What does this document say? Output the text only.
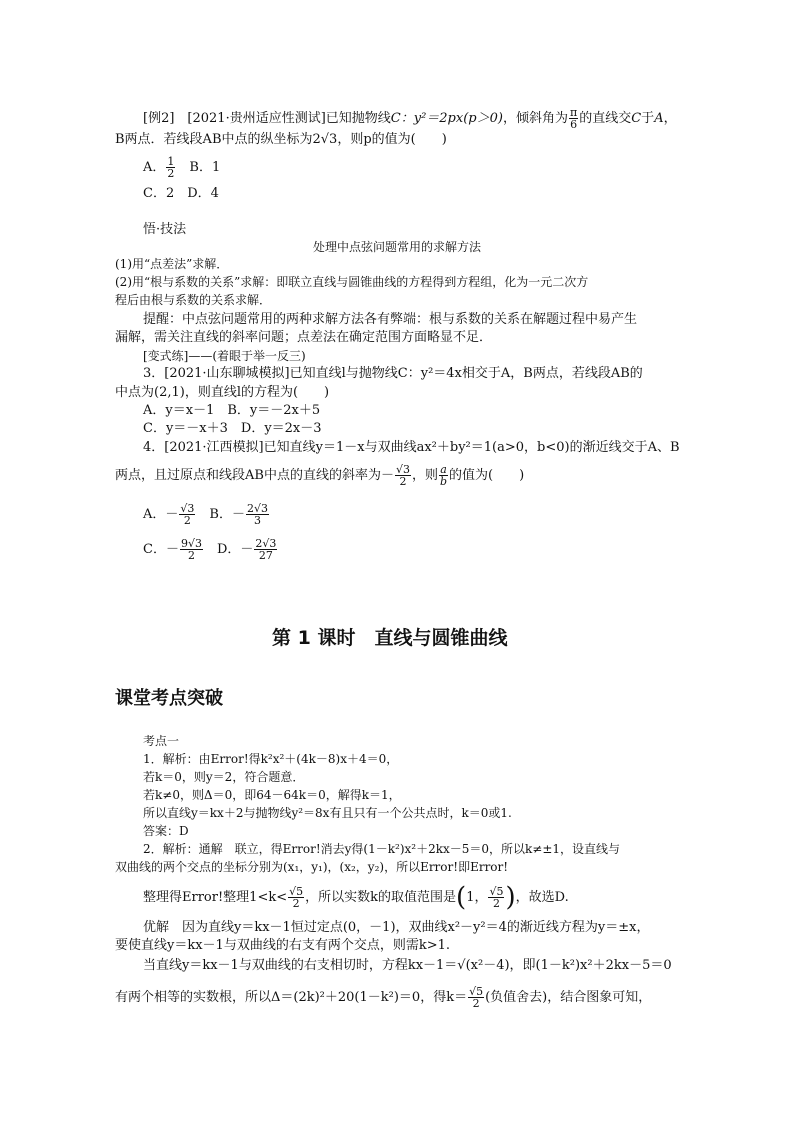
[例2]　[2021·贵州适应性测试]已知抛物线C：y²＝2px(p＞0)，倾斜角为 $\frac{\pi}{6}$ 的直线交C于A，
B两点．若线段AB中点的纵坐标为2√3，则p的值为(　　)
A． $\frac{1}{2}$
　 B．1
C．2　D．4
悟·技法
处理中点弦问题常用的求解方法
(1)用“点差法”求解．
(2)用“根与系数的关系”求解：即联立直线与圆锥曲线的方程得到方程组，化为一元二次方
程后由根与系数的关系求解．
提醒：中点弦问题常用的两种求解方法各有弊端：根与系数的关系在解题过程中易产生
漏解，需关注直线的斜率问题；点差法在确定范围方面略显不足．
[变式练]——(着眼于举一反三)
3．[2021·山东聊城模拟]已知直线l与抛物线C：y²＝4x相交于A，B两点，若线段AB的
中点为(2,1)，则直线l的方程为(　　)
A．y＝x－1　B．y＝－2x＋5
C．y＝－x＋3　D．y＝2x－3
4．[2021·江西模拟]已知直线y＝1－x与双曲线ax²＋by²＝1(a>0，b<0)的渐近线交于A、B
两点，且过原点和线段AB中点的直线的斜率为－ $\frac{√3}{2}$ ，则 $\frac{a}{b}$ 的值为(　　)
A．－ $\frac{√3}{2}$
　 B．－ $\frac{2√3}{3}$
C．－ $\frac{9√3}{2}$
　 D．－ $\frac{2√3}{27}$
第 1 课时　直线与圆锥曲线
课堂考点突破
考点一
1．解析：由Error!得k²x²＋(4k－8)x＋4＝0，
若k＝0，则y＝2，符合题意．
若k≠0，则Δ＝0，即64－64k＝0，解得k＝1，
所以直线y＝kx＋2与抛物线y²＝8x有且只有一个公共点时，k＝0或1.
答案：D
2．解析：通解　联立，得Error!消去y得(1－k²)x²＋2kx－5＝0，所以k≠±1，设直线与
双曲线的两个交点的坐标分别为(x₁，y₁)，(x₂，y₂)，所以Error!即Error!
整理得Error!整理$1<k< \frac{√5}{2}$ ，所以实数k的取值范围是(1， $\frac{√5}{2}$ )，故选D.
优解　因为直线y＝kx－1恒过定点(0，－1)，双曲线x²－y²＝4的渐近线方程为y＝±x，
要使直线y＝kx－1与双曲线的右支有两个交点，则需k>1.
当直线y＝kx－1与双曲线的右支相切时，方程kx－1＝√(x²－4)，即(1－k²)x²＋2kx－5＝0
有两个相等的实数根，所以Δ＝(2k)²＋20(1－k²)＝0，得$k= \frac{√5}{2}$ (负值舍去)，结合图象可知，
